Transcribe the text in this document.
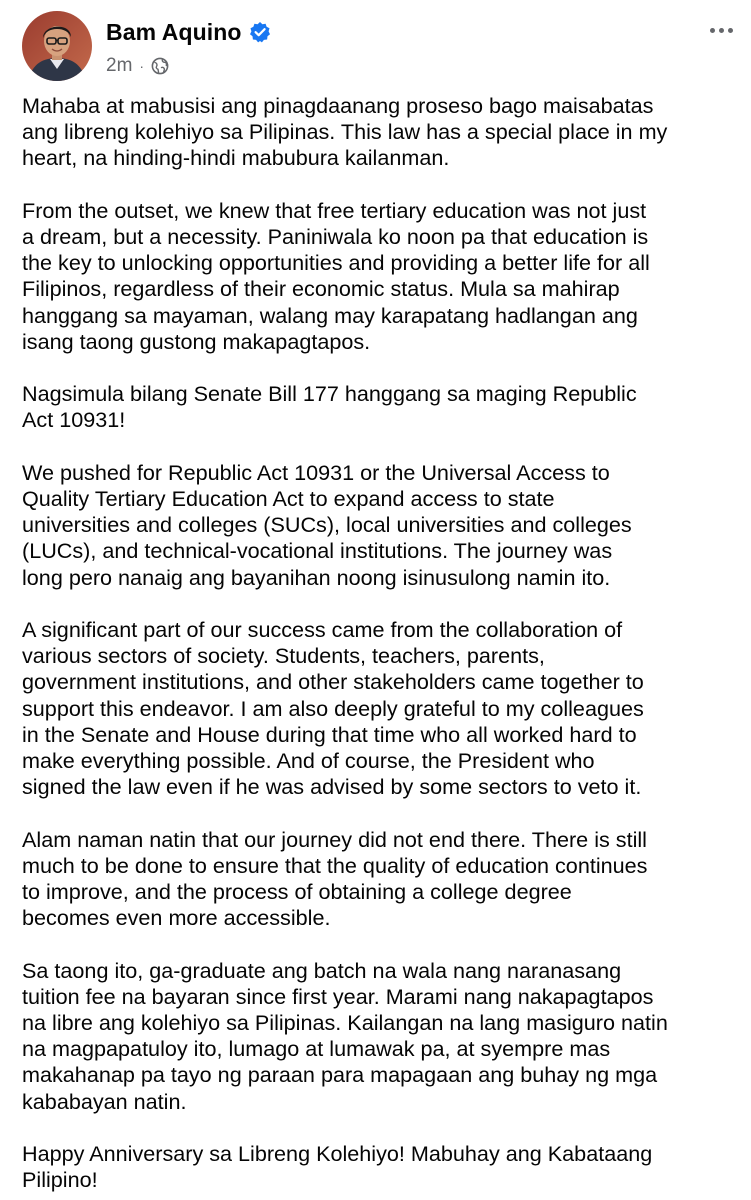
Bam Aquino
2m ·

Mahaba at mabusisi ang pinagdaanang proseso bago maisabatas
ang libreng kolehiyo sa Pilipinas. This law has a special place in my
heart, na hinding-hindi mabubura kailanman.

From the outset, we knew that free tertiary education was not just
a dream, but a necessity. Paniniwala ko noon pa that education is
the key to unlocking opportunities and providing a better life for all
Filipinos, regardless of their economic status. Mula sa mahirap
hanggang sa mayaman, walang may karapatang hadlangan ang
isang taong gustong makapagtapos.

Nagsimula bilang Senate Bill 177 hanggang sa maging Republic
Act 10931!

We pushed for Republic Act 10931 or the Universal Access to
Quality Tertiary Education Act to expand access to state
universities and colleges (SUCs), local universities and colleges
(LUCs), and technical-vocational institutions. The journey was
long pero nanaig ang bayanihan noong isinusulong namin ito.

A significant part of our success came from the collaboration of
various sectors of society. Students, teachers, parents,
government institutions, and other stakeholders came together to
support this endeavor. I am also deeply grateful to my colleagues
in the Senate and House during that time who all worked hard to
make everything possible. And of course, the President who
signed the law even if he was advised by some sectors to veto it.

Alam naman natin that our journey did not end there. There is still
much to be done to ensure that the quality of education continues
to improve, and the process of obtaining a college degree
becomes even more accessible.

Sa taong ito, ga-graduate ang batch na wala nang naranasang
tuition fee na bayaran since first year. Marami nang nakapagtapos
na libre ang kolehiyo sa Pilipinas. Kailangan na lang masiguro natin
na magpapatuloy ito, lumago at lumawak pa, at syempre mas
makahanap pa tayo ng paraan para mapagaan ang buhay ng mga
kababayan natin.

Happy Anniversary sa Libreng Kolehiyo! Mabuhay ang Kabataang
Pilipino!
